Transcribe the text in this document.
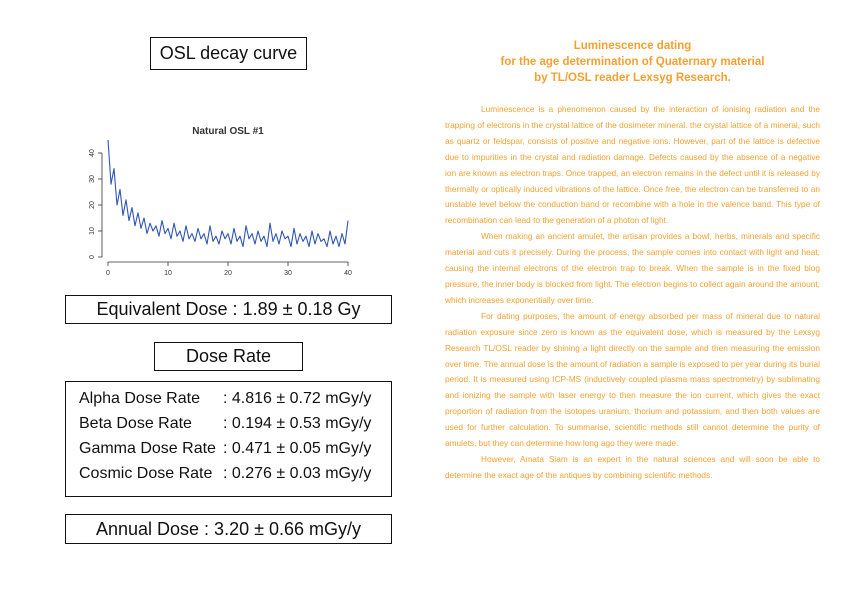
OSL decay curve
Natural OSL #1
0
10
20
30
40
0	10	20	30	40
Equivalent Dose : 1.89 ± 0.18 Gy
Dose Rate
Alpha Dose Rate : 4.816 ± 0.72 mGy/y
Beta Dose Rate : 0.194 ± 0.53 mGy/y
Gamma Dose Rate : 0.471 ± 0.05 mGy/y
Cosmic Dose Rate : 0.276 ± 0.03 mGy/y
Annual Dose : 3.20 ± 0.66 mGy/y
Luminescence dating
for the age determination of Quaternary material
by TL/OSL reader Lexsyg Research.

Luminescence is a phenomenon caused by the interaction of ionising radiation and the trapping of electrons in the crystal lattice of the dosimeter mineral. the crystal lattice of a mineral, such as quartz or feldspar, consists of positive and negative ions. However, part of the lattice is defective due to impurities in the crystal and radiation damage. Defects caused by the absence of a negative ion are known as electron traps. Once trapped, an electron remains in the defect until it is released by thermally or optically induced vibrations of the lattice. Once free, the electron can be transferred to an unstable level below the conduction band or recombine with a hole in the valence band. This type of recombination can lead to the generation of a photon of light.

When making an ancient amulet, the artisan provides a bowl, herbs, minerals and specific material and cuts it precisely. During the process, the sample comes into contact with light and heat, causing the internal electrons of the electron trap to break. When the sample is in the fixed blog pressure, the inner body is blocked from light. The electron begins to collect again around the amount, which increases exponentially over time.

For dating purposes, the amount of energy absorbed per mass of mineral due to natural radiation exposure since zero is known as the equivalent dose, which is measured by the Lexsyg Research TL/OSL reader by shining a light directly on the sample and then measuring the emission over time. The annual dose is the amount of radiation a sample is exposed to per year during its burial period. It is measured using ICP-MS (inductively coupled plasma mass spectrometry) by sublimating and ionizing the sample with laser energy to then measure the ion current, which gives the exact proportion of radiation from the isotopes uranium, thorium and potassium, and then both values are used for further calculation. To summarise, scientific methods still cannot determine the purity of amulets, but they can determine how long ago they were made.

However, Amata Siam is an expert in the natural sciences and will soon be able to determine the exact age of the antiques by combining scientific methods.
